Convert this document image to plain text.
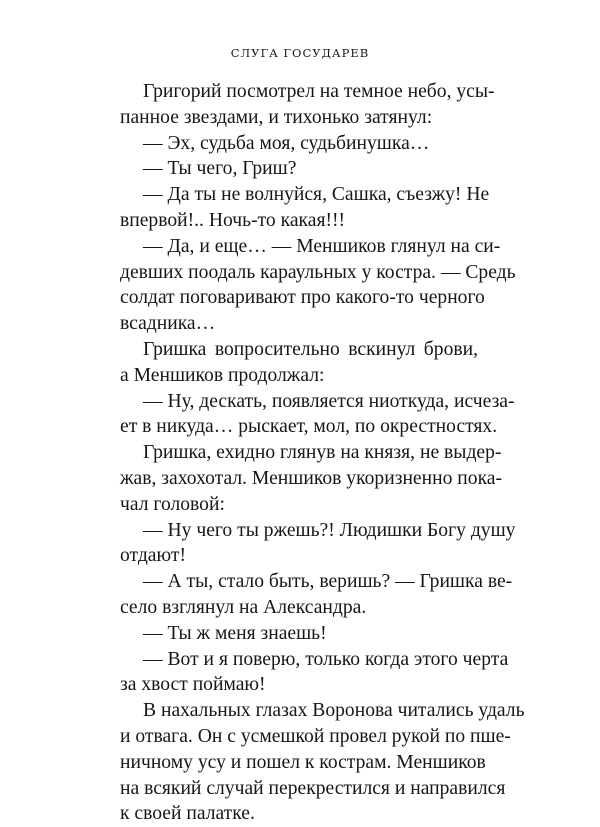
СЛУГА ГОСУДАРЕВ
Григорий посмотрел на темное небо, усы-
панное звездами, и тихонько затянул:
— Эх, судьба моя, судьбинушка…
— Ты чего, Гриш?
— Да ты не волнуйся, Сашка, съезжу! Не
впервой!.. Ночь-то какая!!!
— Да, и еще… — Меншиков глянул на си-
девших поодаль караульных у костра. — Средь
солдат поговаривают про какого-то черного
всадника…
Гришка вопросительно вскинул брови,
а Меншиков продолжал:
— Ну, дескать, появляется ниоткуда, исчеза-
ет в никуда… рыскает, мол, по окрестностях.
Гришка, ехидно глянув на князя, не выдер-
жав, захохотал. Меншиков укоризненно пока-
чал головой:
— Ну чего ты ржешь?! Людишки Богу душу
отдают!
— А ты, стало быть, веришь? — Гришка ве-
село взглянул на Александра.
— Ты ж меня знаешь!
— Вот и я поверю, только когда этого черта
за хвост поймаю!
В нахальных глазах Воронова читались удаль
и отвага. Он с усмешкой провел рукой по пше-
ничному усу и пошел к кострам. Меншиков
на всякий случай перекрестился и направился
к своей палатке.
